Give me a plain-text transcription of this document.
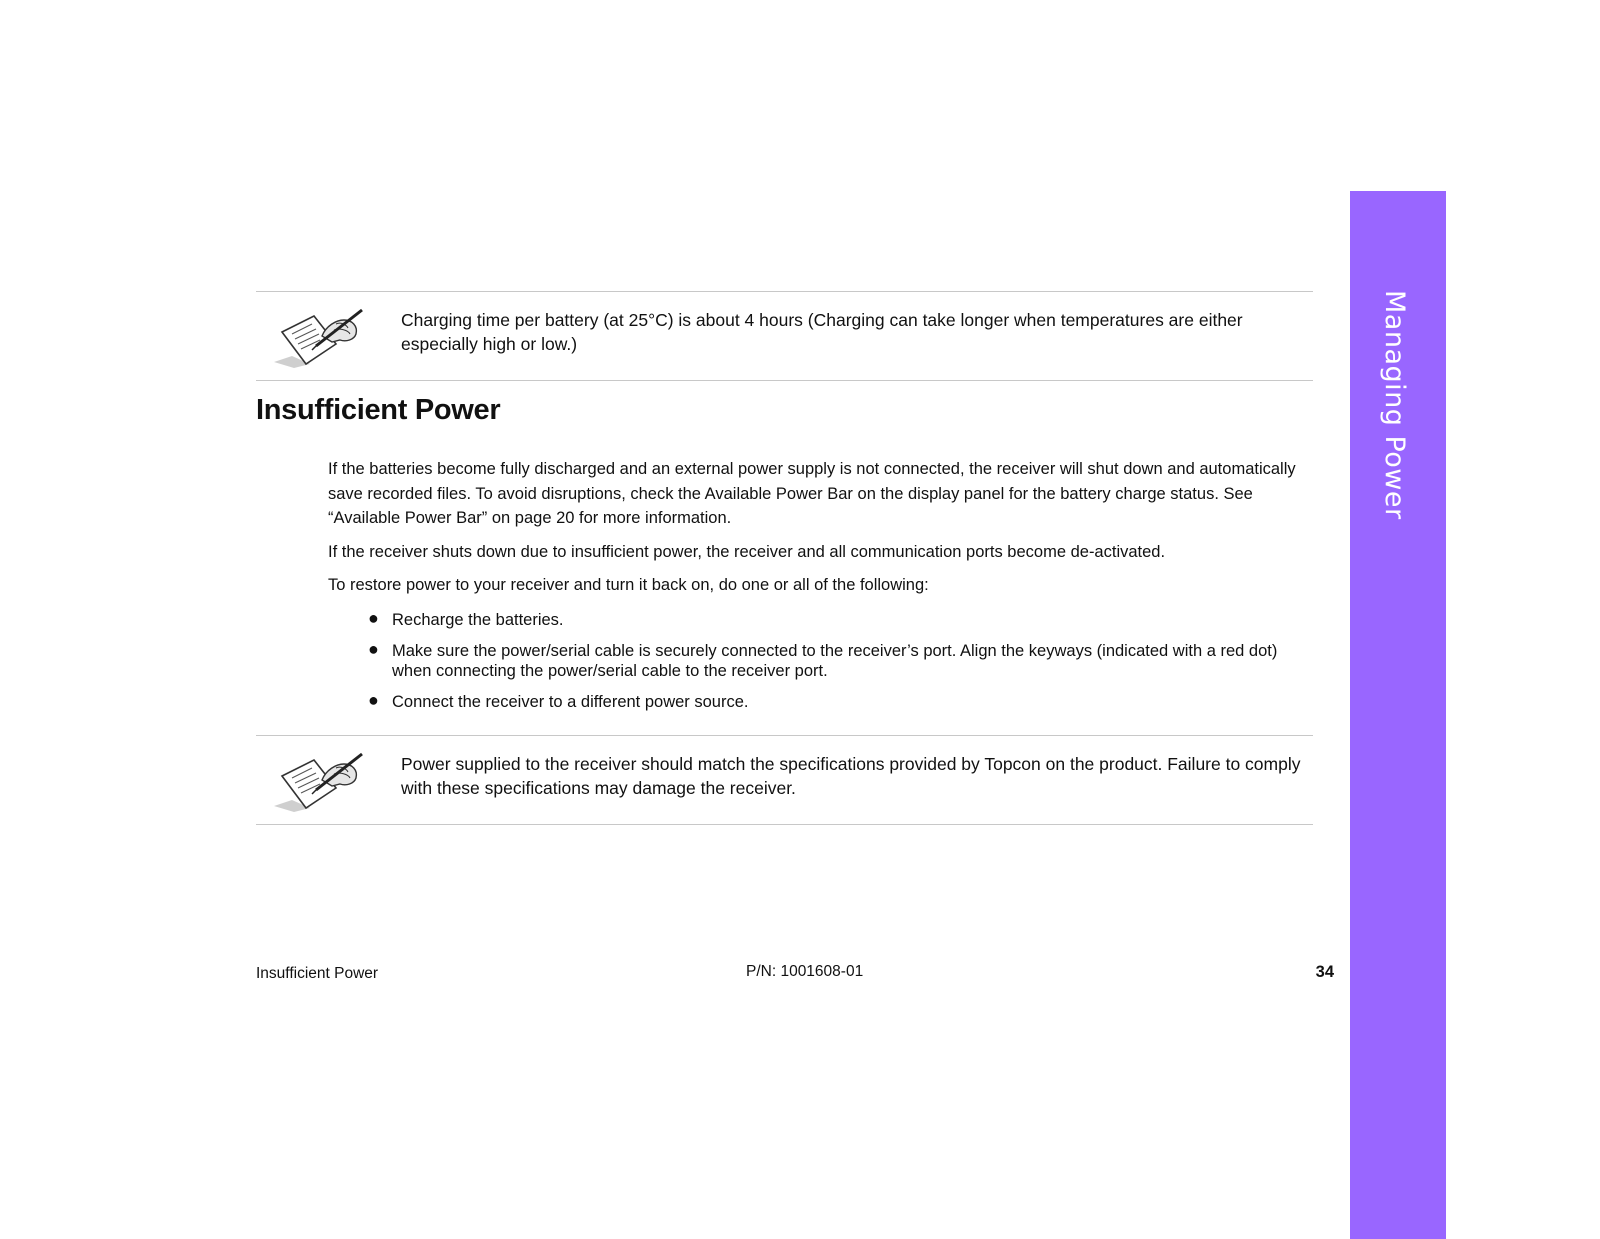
Managing Power
Charging time per battery (at 25°C) is about 4 hours (Charging can take longer when temperatures are either especially high or low.)
Insufficient Power

If the batteries become fully discharged and an external power supply is not connected, the receiver will shut down and automatically save recorded files. To avoid disruptions, check the Available Power Bar on the display panel for the battery charge status. See “Available Power Bar” on page 20 for more information.

If the receiver shuts down due to insufficient power, the receiver and all communication ports become de-activated.

To restore power to your receiver and turn it back on, do one or all of the following:

● Recharge the batteries.
● Make sure the power/serial cable is securely connected to the receiver’s port. Align the keyways (indicated with a red dot) when connecting the power/serial cable to the receiver port.
● Connect the receiver to a different power source.
Power supplied to the receiver should match the specifications provided by Topcon on the product. Failure to comply with these specifications may damage the receiver.
Insufficient Power	P/N: 1001608-01	34
